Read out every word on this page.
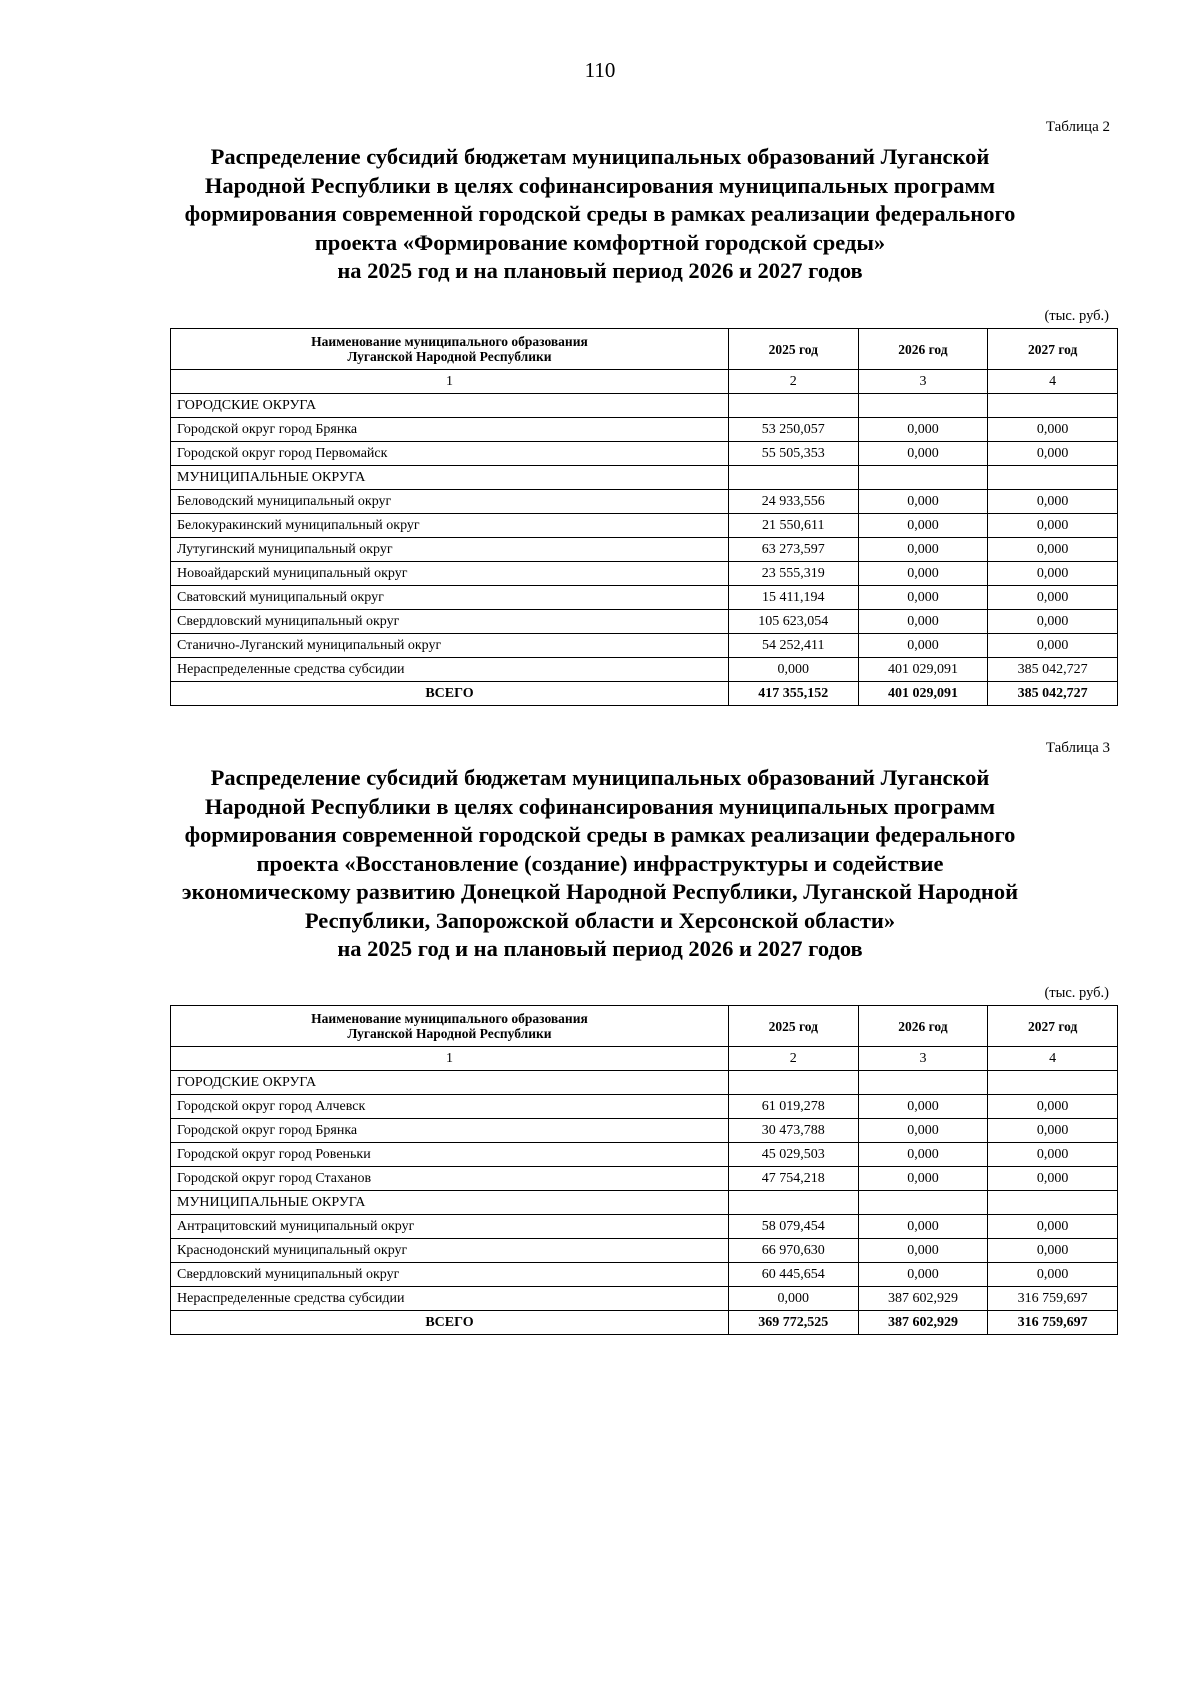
110
Таблица 2
Распределение субсидий бюджетам муниципальных образований Луганской
Народной Республики в целях софинансирования муниципальных программ
формирования современной городской среды в рамках реализации федерального
проекта «Формирование комфортной городской среды»
на 2025 год и на плановый период 2026 и 2027 годов
(тыс. руб.)
Наименование муниципального образования
Луганской Народной Республики	2025 год	2026 год	2027 год
1	2	3	4
ГОРОДСКИЕ ОКРУГА			
Городской округ город Брянка	53 250,057	0,000	0,000
Городской округ город Первомайск	55 505,353	0,000	0,000
МУНИЦИПАЛЬНЫЕ ОКРУГА			
Беловодский муниципальный округ	24 933,556	0,000	0,000
Белокуракинский муниципальный округ	21 550,611	0,000	0,000
Лутугинский муниципальный округ	63 273,597	0,000	0,000
Новоайдарский муниципальный округ	23 555,319	0,000	0,000
Сватовский муниципальный округ	15 411,194	0,000	0,000
Свердловский муниципальный округ	105 623,054	0,000	0,000
Станично-Луганский муниципальный округ	54 252,411	0,000	0,000
Нераспределенные средства субсидии	0,000	401 029,091	385 042,727
ВСЕГО	417 355,152	401 029,091	385 042,727
Таблица 3
Распределение субсидий бюджетам муниципальных образований Луганской
Народной Республики в целях софинансирования муниципальных программ
формирования современной городской среды в рамках реализации федерального
проекта «Восстановление (создание) инфраструктуры и содействие
экономическому развитию Донецкой Народной Республики, Луганской Народной
Республики, Запорожской области и Херсонской области»
на 2025 год и на плановый период 2026 и 2027 годов
(тыс. руб.)
Наименование муниципального образования
Луганской Народной Республики	2025 год	2026 год	2027 год
1	2	3	4
ГОРОДСКИЕ ОКРУГА			
Городской округ город Алчевск	61 019,278	0,000	0,000
Городской округ город Брянка	30 473,788	0,000	0,000
Городской округ город Ровеньки	45 029,503	0,000	0,000
Городской округ город Стаханов	47 754,218	0,000	0,000
МУНИЦИПАЛЬНЫЕ ОКРУГА			
Антрацитовский муниципальный округ	58 079,454	0,000	0,000
Краснодонский муниципальный округ	66 970,630	0,000	0,000
Свердловский муниципальный округ	60 445,654	0,000	0,000
Нераспределенные средства субсидии	0,000	387 602,929	316 759,697
ВСЕГО	369 772,525	387 602,929	316 759,697
